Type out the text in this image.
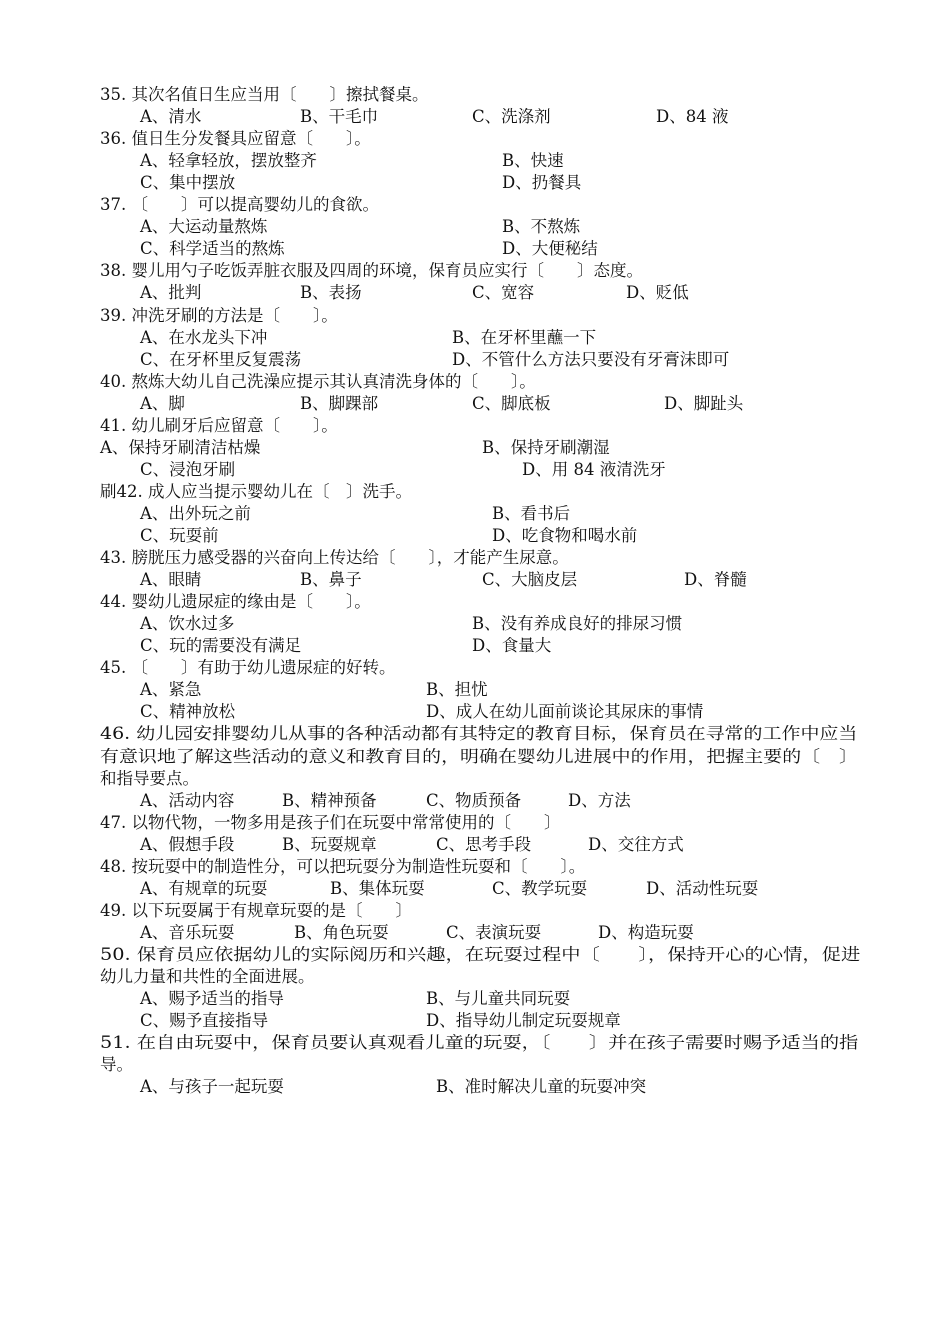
35. 其次名值日生应当用〔　　〕擦拭餐桌。
A、清水	B、干毛巾	C、洗涤剂	D、84 液
36. 值日生分发餐具应留意〔　　〕。
A、轻拿轻放，摆放整齐	B、快速
C、集中摆放	D、扔餐具
37. 〔　　〕可以提高婴幼儿的食欲。
A、大运动量熬炼	B、不熬炼
C、科学适当的熬炼	D、大便秘结
38. 婴儿用勺子吃饭弄脏衣服及四周的环境，保育员应实行〔　　〕态度。
A、批判	B、表扬	C、宽容	D、贬低
39. 冲洗牙刷的方法是〔　　〕。
A、在水龙头下冲	B、在牙杯里蘸一下
C、在牙杯里反复震荡	D、不管什么方法只要没有牙膏沫即可
40. 熬炼大幼儿自己洗澡应提示其认真清洗身体的〔　　〕。
A、脚	B、脚踝部	C、脚底板	D、脚趾头
41. 幼儿刷牙后应留意〔　　〕。
A、保持牙刷清洁枯燥	B、保持牙刷潮湿
C、浸泡牙刷	D、用 84 液清洗牙
刷42. 成人应当提示婴幼儿在〔　〕洗手。
A、出外玩之前	B、看书后
C、玩耍前	D、吃食物和喝水前
43. 膀胱压力感受器的兴奋向上传达给〔　　〕，才能产生尿意。
A、眼睛	B、鼻子	C、大脑皮层	D、脊髓
44. 婴幼儿遗尿症的缘由是〔　　〕。
A、饮水过多	B、没有养成良好的排尿习惯
C、玩的需要没有满足	D、食量大
45. 〔　　〕有助于幼儿遗尿症的好转。
A、紧急	B、担忧
C、精神放松	D、成人在幼儿面前谈论其尿床的事情
46. 幼儿园安排婴幼儿从事的各种活动都有其特定的教育目标，保育员在寻常的工作中应当
有意识地了解这些活动的意义和教育目的，明确在婴幼儿进展中的作用，把握主要的〔　〕
和指导要点。
A、活动内容	B、精神预备	C、物质预备	D、方法
47. 以物代物，一物多用是孩子们在玩耍中常常使用的〔　　〕
A、假想手段	B、玩耍规章	C、思考手段	D、交往方式
48. 按玩耍中的制造性分，可以把玩耍分为制造性玩耍和〔　　〕。
A、有规章的玩耍	B、集体玩耍	C、教学玩耍	D、活动性玩耍
49. 以下玩耍属于有规章玩耍的是〔　　〕
A、音乐玩耍	B、角色玩耍	C、表演玩耍	D、构造玩耍
50. 保育员应依据幼儿的实际阅历和兴趣，在玩耍过程中〔　　〕，保持开心的心情，促进
幼儿力量和共性的全面进展。
A、赐予适当的指导	B、与儿童共同玩耍
C、赐予直接指导	D、指导幼儿制定玩耍规章
51. 在自由玩耍中，保育员要认真观看儿童的玩耍，〔　　〕并在孩子需要时赐予适当的指
导。
A、与孩子一起玩耍	B、准时解决儿童的玩耍冲突
